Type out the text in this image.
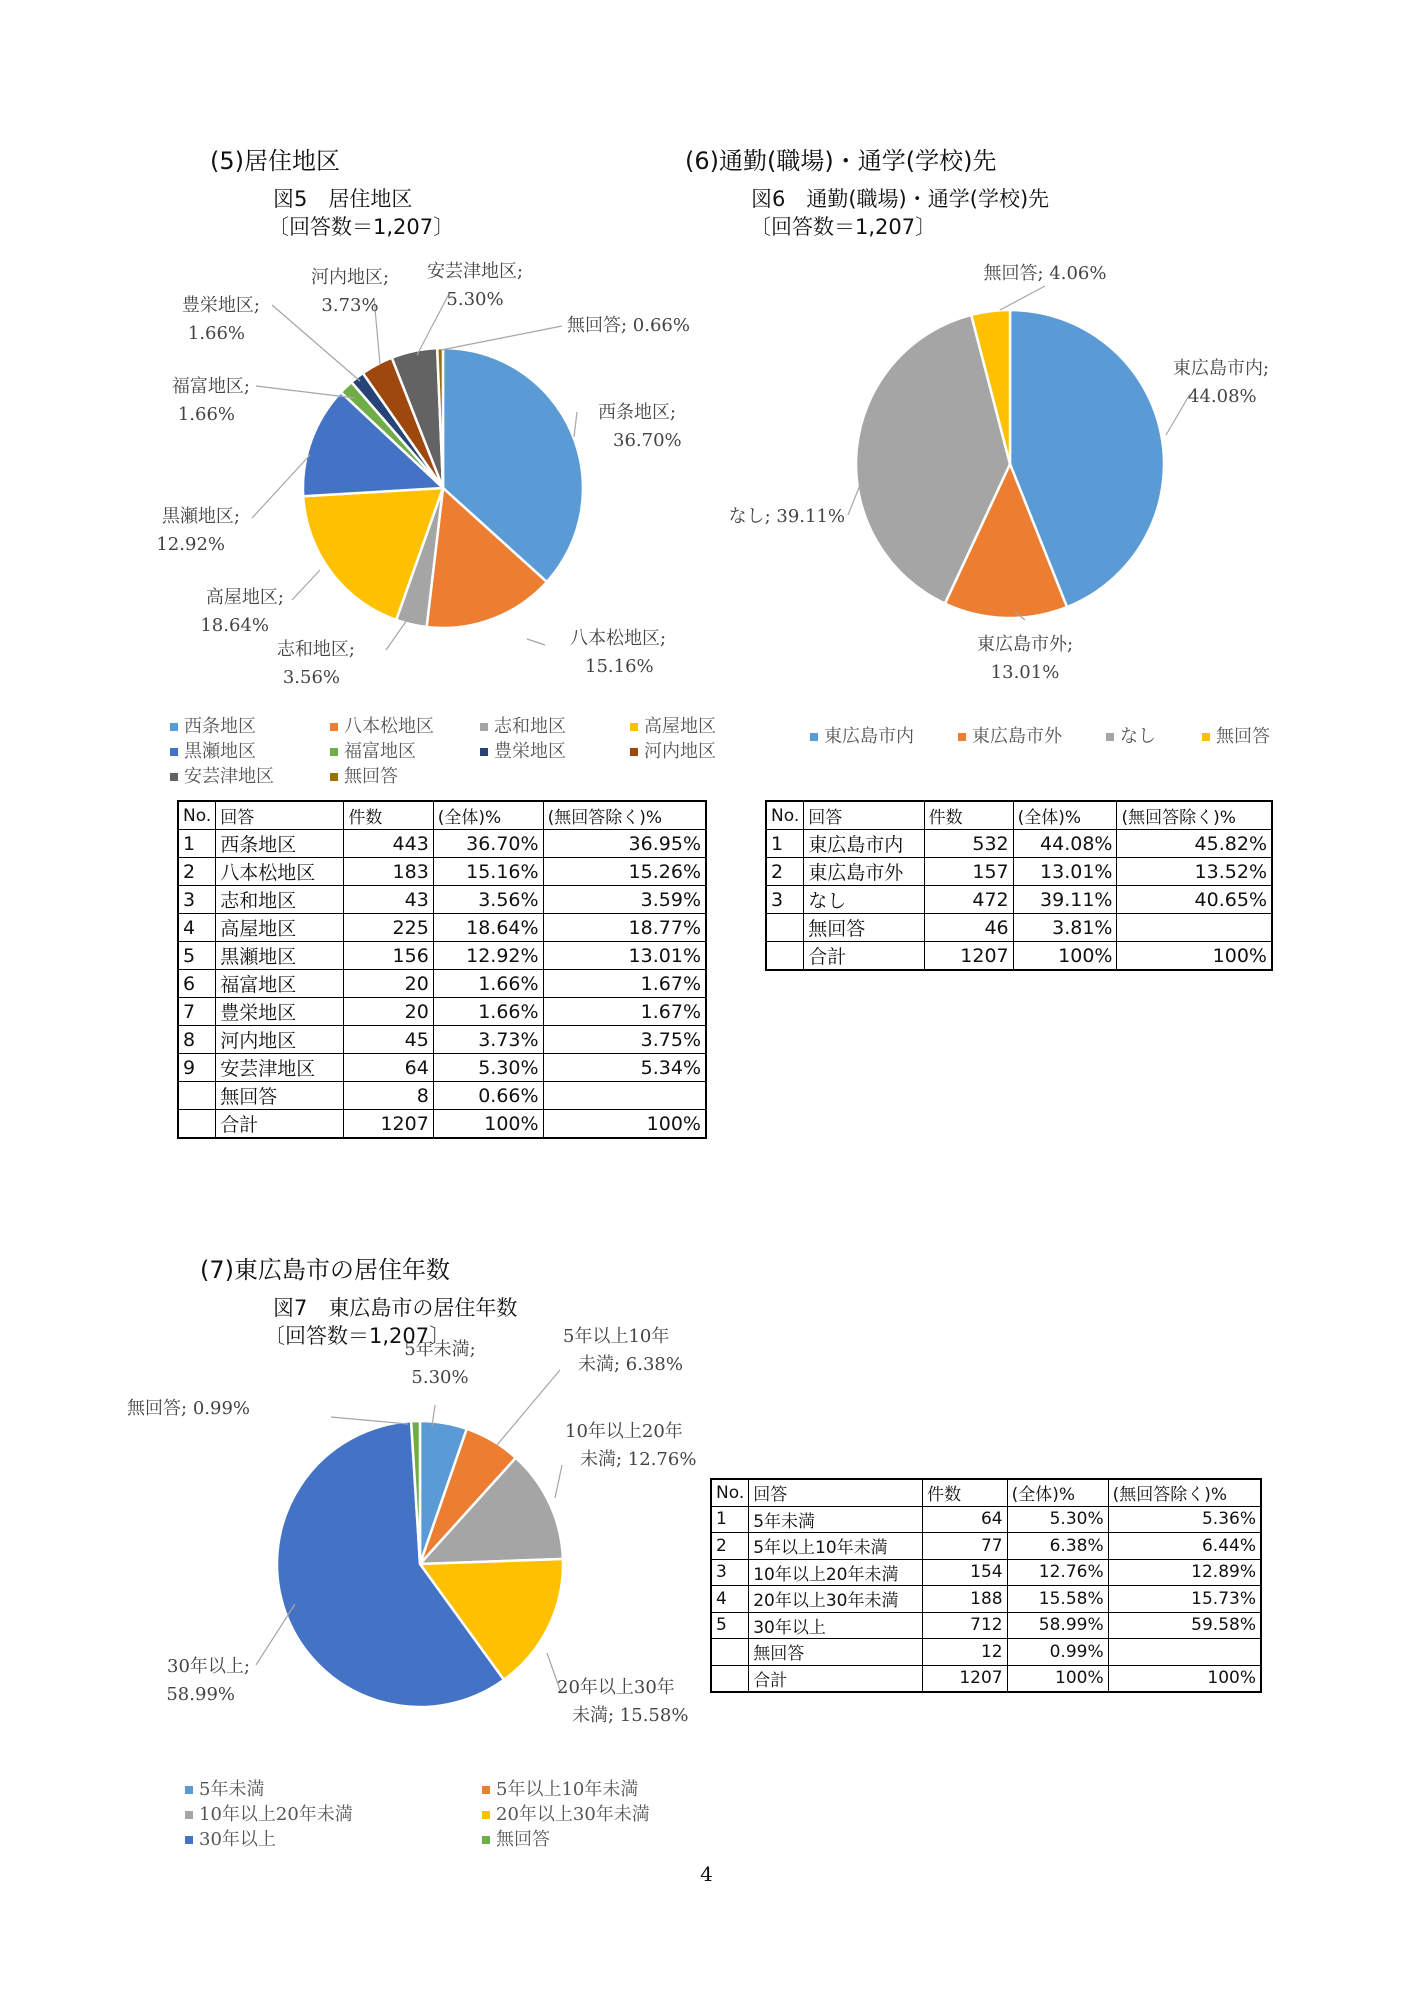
(5)居住地区
図5　居住地区
〔回答数＝1,207〕
西条地区;
36.70%
八本松地区;
15.16%
志和地区;
3.56%
高屋地区;
18.64%
黒瀬地区;
12.92%
福富地区;
1.66%
豊栄地区;
1.66%
河内地区;
3.73%
安芸津地区;
5.30%
無回答; 0.66%
東広島市内;
44.08%
東広島市外;
13.01%
なし; 39.11%
無回答; 4.06%
5年未満;
5.30%
5年以上10年
未満; 6.38%
10年以上20年
未満; 12.76%
20年以上30年
未満; 15.58%
30年以上;
58.99%
無回答; 0.99%
西条地区	八本松地区	志和地区	高屋地区
黒瀬地区	福富地区	豊栄地区	河内地区
安芸津地区	無回答
No.	回答	件数	(全体)%	(無回答除く)%
1	西条地区	443	36.70%	36.95%
2	八本松地区	183	15.16%	15.26%
3	志和地区	43	3.56%	3.59%
4	高屋地区	225	18.64%	18.77%
5	黒瀬地区	156	12.92%	13.01%
6	福富地区	20	1.66%	1.67%
7	豊栄地区	20	1.66%	1.67%
8	河内地区	45	3.73%	3.75%
9	安芸津地区	64	5.30%	5.34%
	無回答	8	0.66%	
	合計	1207	100%	100%
(6)通勤(職場)・通学(学校)先
図6　通勤(職場)・通学(学校)先
〔回答数＝1,207〕
東広島市内	東広島市外	なし	無回答
No.	回答	件数	(全体)%	(無回答除く)%
1	東広島市内	532	44.08%	45.82%
2	東広島市外	157	13.01%	13.52%
3	なし	472	39.11%	40.65%
	無回答	46	3.81%	
	合計	1207	100%	100%
(7)東広島市の居住年数
図7　東広島市の居住年数
〔回答数＝1,207〕
5年未満	5年以上10年未満
10年以上20年未満	20年以上30年未満
30年以上	無回答
No.	回答	件数	(全体)%	(無回答除く)%
1	5年未満	64	5.30%	5.36%
2	5年以上10年未満	77	6.38%	6.44%
3	10年以上20年未満	154	12.76%	12.89%
4	20年以上30年未満	188	15.58%	15.73%
5	30年以上	712	58.99%	59.58%
	無回答	12	0.99%	
	合計	1207	100%	100%
4
